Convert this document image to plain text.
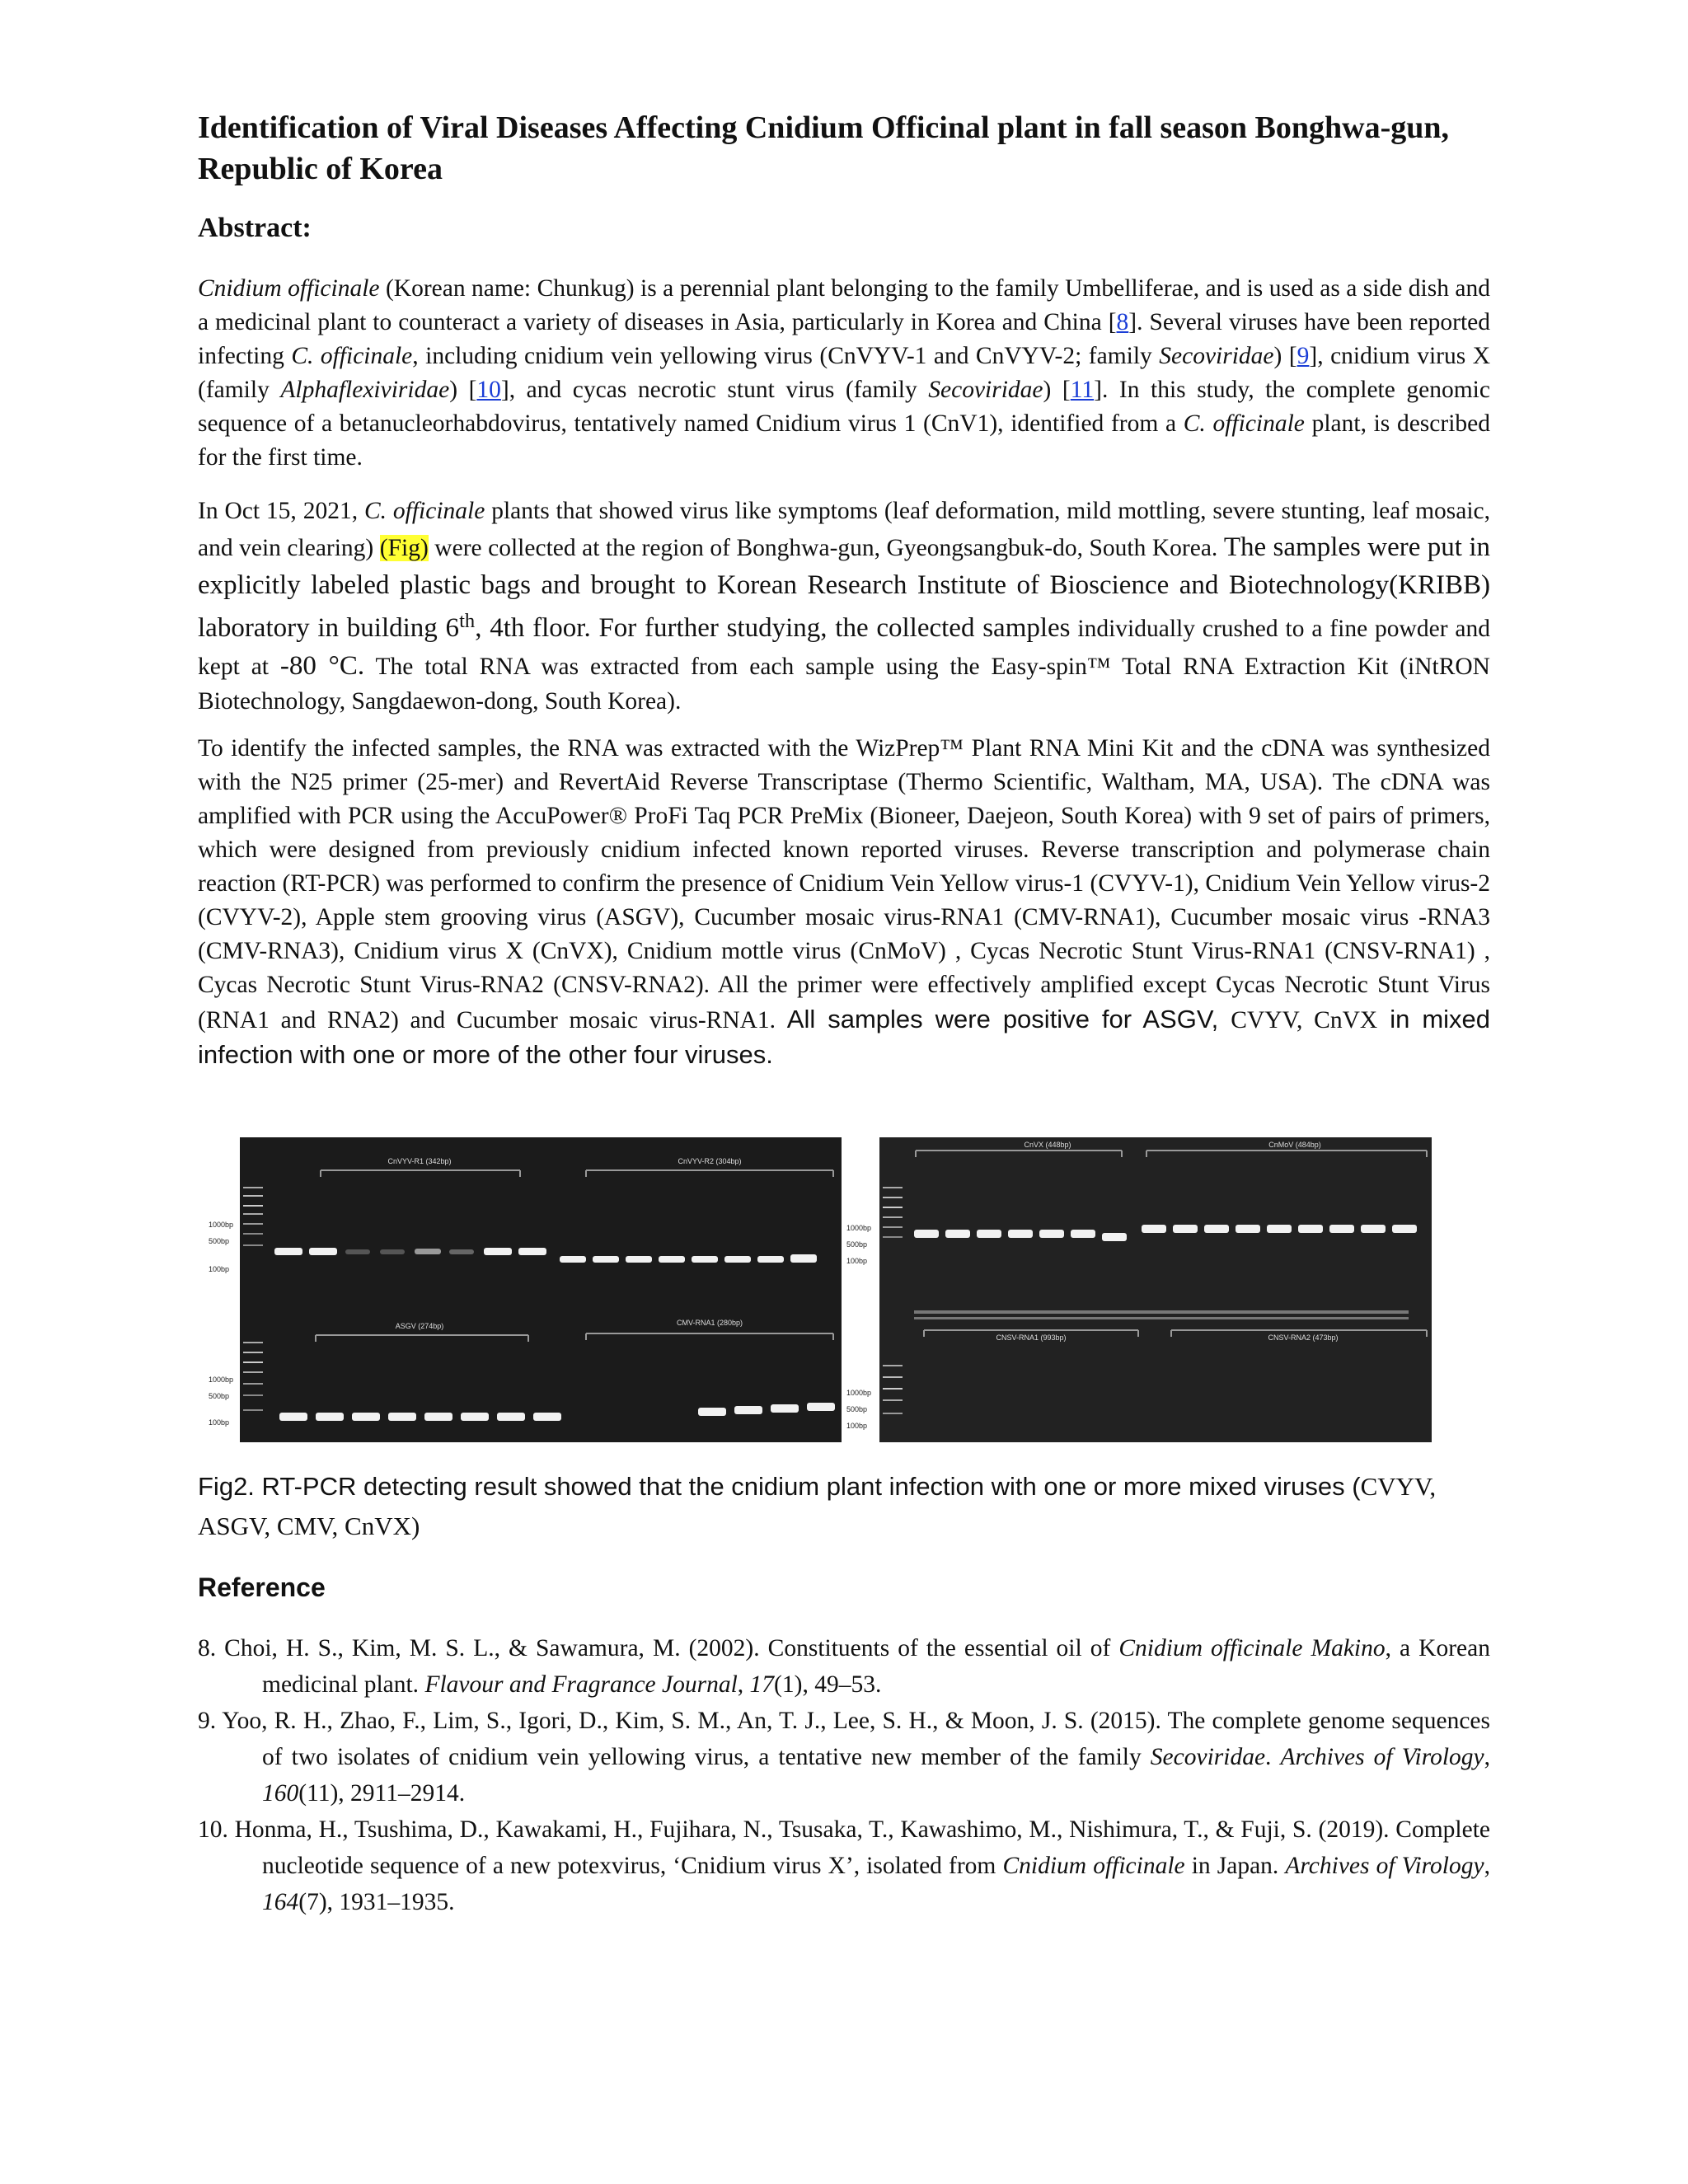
Identification of Viral Diseases Affecting Cnidium Officinal plant in fall season Bonghwa-gun, Republic of Korea
Abstract:

Cnidium officinale (Korean name: Chunkug) is a perennial plant belonging to the family Umbelliferae, and is used as a side dish and a medicinal plant to counteract a variety of diseases in Asia, particularly in Korea and China [8]. Several viruses have been reported infecting C. officinale, including cnidium vein yellowing virus (CnVYV-1 and CnVYV-2; family Secoviridae) [9], cnidium virus X (family Alphaflexiviridae) [10], and cycas necrotic stunt virus (family Secoviridae) [11]. In this study, the complete genomic sequence of a betanucleorhabdovirus, tentatively named Cnidium virus 1 (CnV1), identified from a C. officinale plant, is described for the first time.

In Oct 15, 2021, C. officinale plants that showed virus like symptoms (leaf deformation, mild mottling, severe stunting, leaf mosaic, and vein clearing) (Fig) were collected at the region of Bonghwa-gun, Gyeongsangbuk-do, South Korea. The samples were put in explicitly labeled plastic bags and brought to Korean Research Institute of Bioscience and Biotechnology(KRIBB) laboratory in building 6th, 4th floor. For further studying, the collected samples individually crushed to a fine powder and kept at -80 °C. The total RNA was extracted from each sample using the Easy-spin™ Total RNA Extraction Kit (iNtRON Biotechnology, Sangdaewon-dong, South Korea).

To identify the infected samples, the RNA was extracted with the WizPrep™ Plant RNA Mini Kit and the cDNA was synthesized with the N25 primer (25-mer) and RevertAid Reverse Transcriptase (Thermo Scientific, Waltham, MA, USA). The cDNA was amplified with PCR using the AccuPower® ProFi Taq PCR PreMix (Bioneer, Daejeon, South Korea) with 9 set of pairs of primers, which were designed from previously cnidium infected known reported viruses. Reverse transcription and polymerase chain reaction (RT-PCR) was performed to confirm the presence of Cnidium Vein Yellow virus-1 (CVYV-1), Cnidium Vein Yellow virus-2 (CVYV-2), Apple stem grooving virus (ASGV), Cucumber mosaic virus-RNA1 (CMV-RNA1), Cucumber mosaic virus -RNA3 (CMV-RNA3), Cnidium virus X (CnVX), Cnidium mottle virus (CnMoV) , Cycas Necrotic Stunt Virus-RNA1 (CNSV-RNA1) , Cycas Necrotic Stunt Virus-RNA2 (CNSV-RNA2). All the primer were effectively amplified except Cycas Necrotic Stunt Virus (RNA1 and RNA2) and Cucumber mosaic virus-RNA1. All samples were positive for ASGV, CVYV, CnVX in mixed infection with one or more of the other four viruses.

CnVYV-R1 (342bp)	CnVYV-R2 (304bp)
ASGV (274bp)	CMV-RNA1 (280bp)
CnVX (448bp)	CnMoV (484bp)
CNSV-RNA1 (993bp)	CNSV-RNA2 (473bp)
1000bp
500bp
100bp
1000bp
500bp
100bp
1000bp
500bp
100bp
1000bp
500bp
100bp

Fig2. RT-PCR detecting result showed that the cnidium plant infection with one or more mixed viruses (CVYV, ASGV, CMV, CnVX)

Reference
8. Choi, H. S., Kim, M. S. L., & Sawamura, M. (2002). Constituents of the essential oil of Cnidium officinale Makino, a Korean medicinal plant. Flavour and Fragrance Journal, 17(1), 49–53.
9. Yoo, R. H., Zhao, F., Lim, S., Igori, D., Kim, S. M., An, T. J., Lee, S. H., & Moon, J. S. (2015). The complete genome sequences of two isolates of cnidium vein yellowing virus, a tentative new member of the family Secoviridae. Archives of Virology, 160(11), 2911–2914.
10. Honma, H., Tsushima, D., Kawakami, H., Fujihara, N., Tsusaka, T., Kawashimo, M., Nishimura, T., & Fuji, S. (2019). Complete nucleotide sequence of a new potexvirus, ‘Cnidium virus X’, isolated from Cnidium officinale in Japan. Archives of Virology, 164(7), 1931–1935.
